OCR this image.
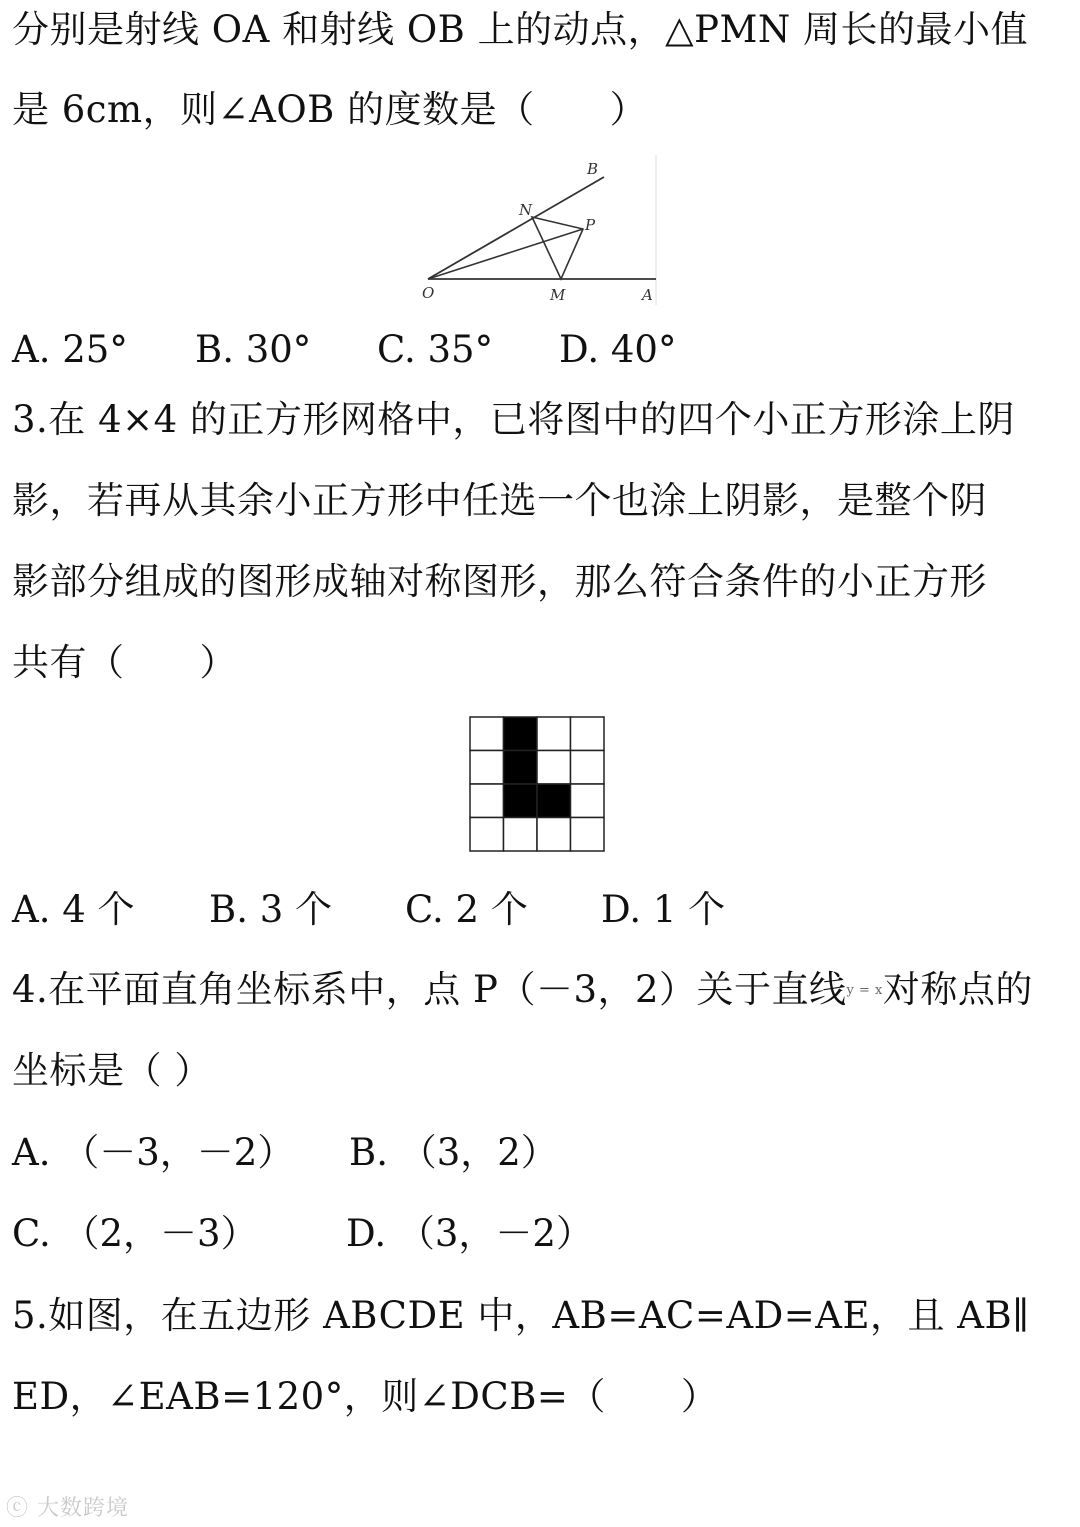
分别是射线 OA 和射线 OB 上的动点，△PMN 周长的最小值
是 6cm，则∠AOB 的度数是（　　）
B
N
P
O	M	A
A. 25° B. 30° C. 35° D. 40°
3.在 4×4 的正方形网格中，已将图中的四个小正方形涂上阴
影，若再从其余小正方形中任选一个也涂上阴影，是整个阴
影部分组成的图形成轴对称图形，那么符合条件的小正方形
共有（　　）
A. 4 个 B. 3 个 C. 2 个 D. 1 个
4.在平面直角坐标系中，点 P（－3，2）关于直线y = x对称点的
坐标是（ ）
A. （－3，－2） B. （3，2）
C. （2，－3） D. （3，－2）
5.如图，在五边形 ABCDE 中，AB=AC=AD=AE，且 AB∥
ED，∠EAB=120°，则∠DCB=（　　）
ⓒ 大数跨境
